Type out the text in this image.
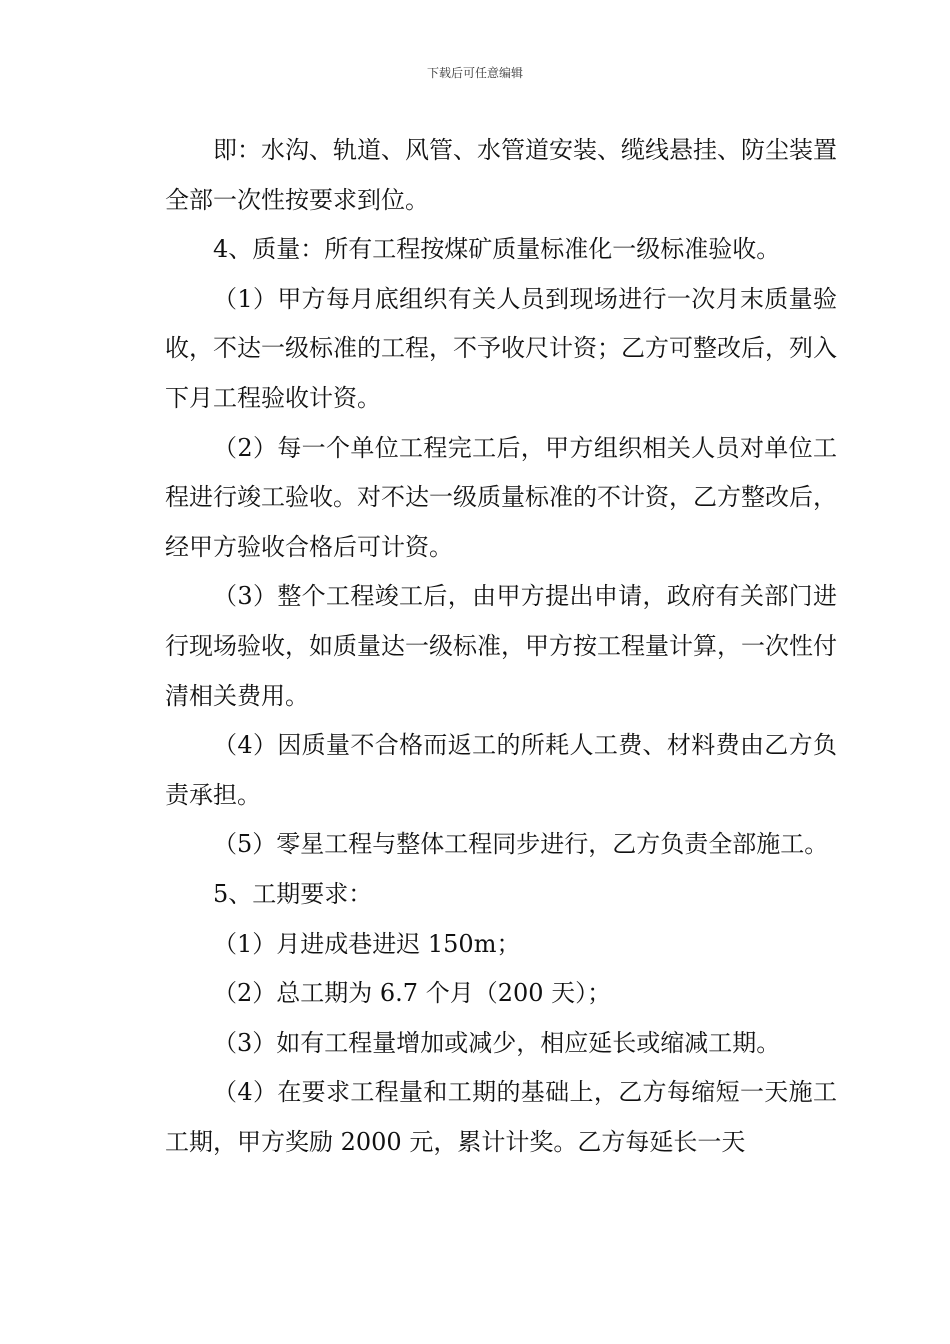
下载后可任意编辑

即：水沟、轨道、风管、水管道安装、缆线悬挂、防尘装置全部一次性按要求到位。

4、质量：所有工程按煤矿质量标准化一级标准验收。

（1）甲方每月底组织有关人员到现场进行一次月末质量验收，不达一级标准的工程，不予收尺计资；乙方可整改后，列入下月工程验收计资。

（2）每一个单位工程完工后，甲方组织相关人员对单位工程进行竣工验收。对不达一级质量标准的不计资，乙方整改后，经甲方验收合格后可计资。

（3）整个工程竣工后，由甲方提出申请，政府有关部门进行现场验收，如质量达一级标准，甲方按工程量计算，一次性付清相关费用。

（4）因质量不合格而返工的所耗人工费、材料费由乙方负责承担。

（5）零星工程与整体工程同步进行，乙方负责全部施工。

5、工期要求：

（1）月进成巷进迟 150m；

（2）总工期为 6.7 个月（200 天）；

（3）如有工程量增加或减少，相应延长或缩减工期。

（4）在要求工程量和工期的基础上，乙方每缩短一天施工工期，甲方奖励 2000 元，累计计奖。乙方每延长一天
